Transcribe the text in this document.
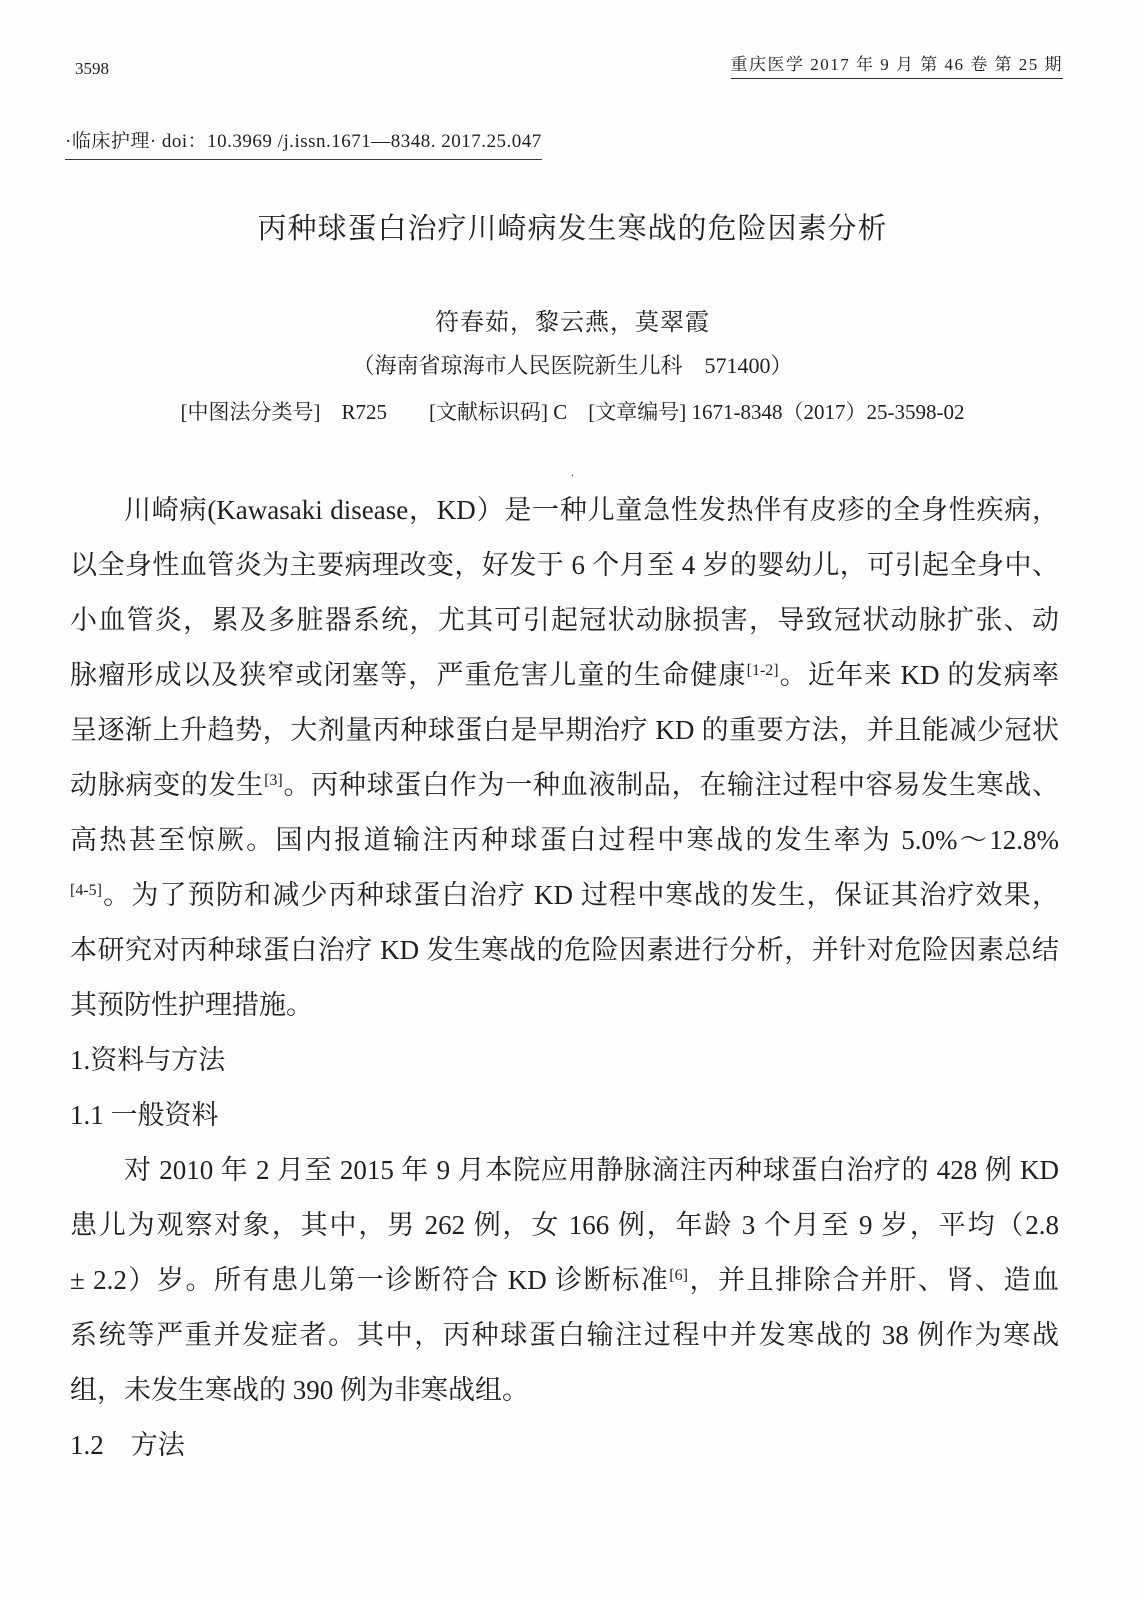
3598	重庆医学 2017 年 9 月 第 46 卷 第 25 期
·临床护理· doi：10.3969 /j.issn.1671—8348. 2017.25.047
丙种球蛋白治疗川崎病发生寒战的危险因素分析
符春茹，黎云燕，莫翠霞
（海南省琼海市人民医院新生儿科　571400）
[中图法分类号]　R725　　[文献标识码] C　[文章编号] 1671-8348（2017）25-3598-02
.
川崎病(Kawasaki disease，KD）是一种儿童急性发热伴有皮疹的全身性疾病，
以全身性血管炎为主要病理改变，好发于 6 个月至 4 岁的婴幼儿，可引起全身中、
小血管炎，累及多脏器系统，尤其可引起冠状动脉损害，导致冠状动脉扩张、动
脉瘤形成以及狭窄或闭塞等，严重危害儿童的生命健康[1-2]。近年来 KD 的发病率
呈逐渐上升趋势，大剂量丙种球蛋白是早期治疗 KD 的重要方法，并且能减少冠状
动脉病变的发生[3]。丙种球蛋白作为一种血液制品，在输注过程中容易发生寒战、
高热甚至惊厥。国内报道输注丙种球蛋白过程中寒战的发生率为 5.0%～12.8%
[4-5]。为了预防和减少丙种球蛋白治疗 KD 过程中寒战的发生，保证其治疗效果，
本研究对丙种球蛋白治疗 KD 发生寒战的危险因素进行分析，并针对危险因素总结
其预防性护理措施。
1.资料与方法
1.1 一般资料
对 2010 年 2 月至 2015 年 9 月本院应用静脉滴注丙种球蛋白治疗的 428 例 KD
患儿为观察对象，其中，男 262 例，女 166 例，年龄 3 个月至 9 岁，平均（2.8
± 2.2）岁。所有患儿第一诊断符合 KD 诊断标准[6]，并且排除合并肝、肾、造血
系统等严重并发症者。其中，丙种球蛋白输注过程中并发寒战的 38 例作为寒战
组，未发生寒战的 390 例为非寒战组。
1.2　方法
